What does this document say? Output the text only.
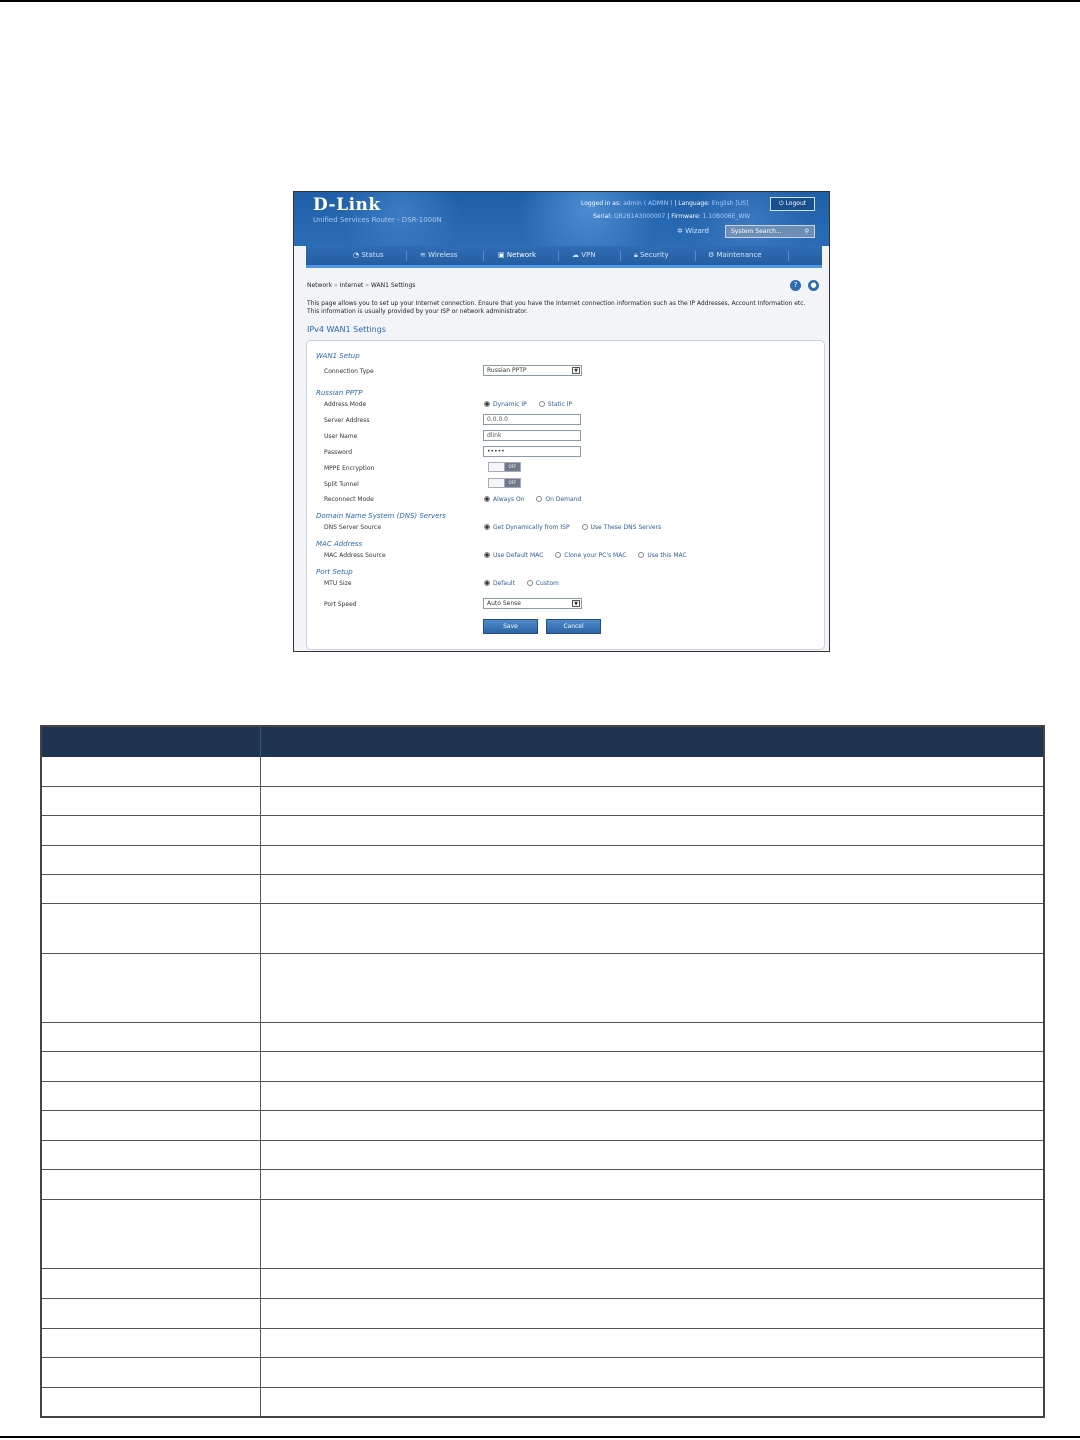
D-Link
Unified Services Router - DSR-1000N
Logged in as: admin ( ADMIN ) | Language: English [US]
Serial: QB2B1A3000007 | Firmware: 1.10B006E_WW
⏻ Logout
✲ Wizard	System Search...	⚲
◔ Status	≋ Wireless	▣ Network	☁ VPN	🔒︎ Security	⚙ Maintenance
Network » Internet » WAN1 Settings	?	●
This page allows you to set up your Internet connection. Ensure that you have the Internet connection information such as the IP Addresses, Account Information etc. This information is usually provided by your ISP or network administrator.
IPv4 WAN1 Settings
WAN1 Setup
Connection Type	Russian PPTP	▼
Russian PPTP
Address Mode	Dynamic IP	Static IP
Server Address	0.0.0.0
User Name	dlink
Password	•••••
MPPE Encryption	OFF
Split Tunnel	OFF
Reconnect Mode	Always On	On Demand
Domain Name System (DNS) Servers
DNS Server Source	Get Dynamically from ISP	Use These DNS Servers
MAC Address
MAC Address Source	Use Default MAC	Clone your PC's MAC	Use this MAC
Port Setup
MTU Size	Default	Custom
Port Speed	Auto Sense	▼
Save	Cancel
